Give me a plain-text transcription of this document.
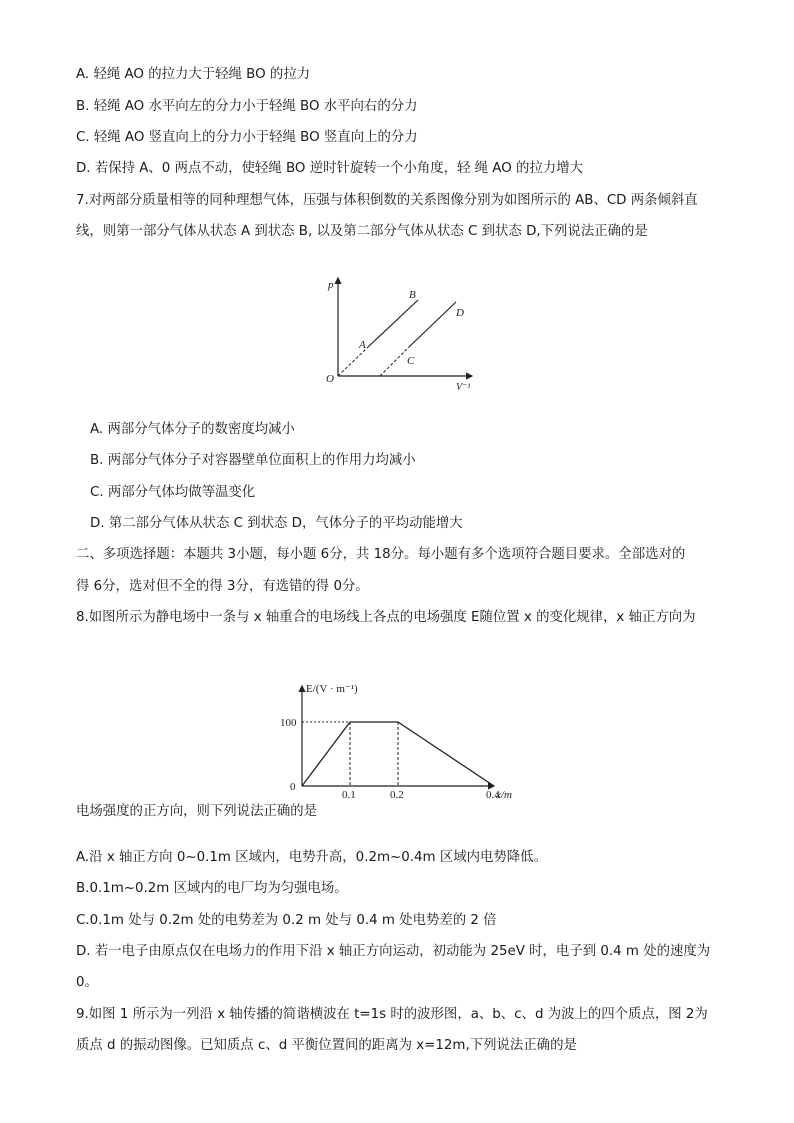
A. 轻绳 AO 的拉力大于轻绳 BO 的拉力
B. 轻绳 AO 水平向左的分力小于轻绳 BO 水平向右的分力
C. 轻绳 AO 竖直向上的分力小于轻绳 BO 竖直向上的分力
D. 若保持 A、0 两点不动，使轻绳 BO 逆时针旋转一个小角度，轻 绳 AO 的拉力增大
7.对两部分质量相等的同种理想气体，压强与体积倒数的关系图像分别为如图所示的 AB、CD 两条倾斜直
线，则第一部分气体从状态 A 到状态 B, 以及第二部分气体从状态 C 到状态 D,下列说法正确的是
p
V⁻¹
O
A
B
C
D
A. 两部分气体分子的数密度均减小
B. 两部分气体分子对容器壁单位面积上的作用力均减小
C. 两部分气体均做等温变化
D. 第二部分气体从状态 C 到状态 D，气体分子的平均动能增大
二、多项选择题：本题共 3小题，每小题 6分，共 18分。每小题有多个选项符合题目要求。全部选对的
得 6分，选对但不全的得 3分，有选错的得 0分。
8.如图所示为静电场中一条与 x 轴重合的电场线上各点的电场强度 E随位置 x 的变化规律，x 轴正方向为
E/(V · m⁻¹)
x/m
0
100
0.1	0.2	0.4
电场强度的正方向，则下列说法正确的是
A.沿 x 轴正方向 0~0.1m 区域内，电势升高，0.2m~0.4m 区域内电势降低。
B.0.1m~0.2m 区域内的电厂均为匀强电场。
C.0.1m 处与 0.2m 处的电势差为 0.2 m 处与 0.4 m 处电势差的 2 倍
D. 若一电子由原点仅在电场力的作用下沿 x 轴正方向运动，初动能为 25eV 时，电子到 0.4 m 处的速度为
0。
9.如图 1 所示为一列沿 x 轴传播的简谐横波在 t=1s 时的波形图，a、b、c、d 为波上的四个质点，图 2为
质点 d 的振动图像。已知质点 c、d 平衡位置间的距离为 x=12m,下列说法正确的是
